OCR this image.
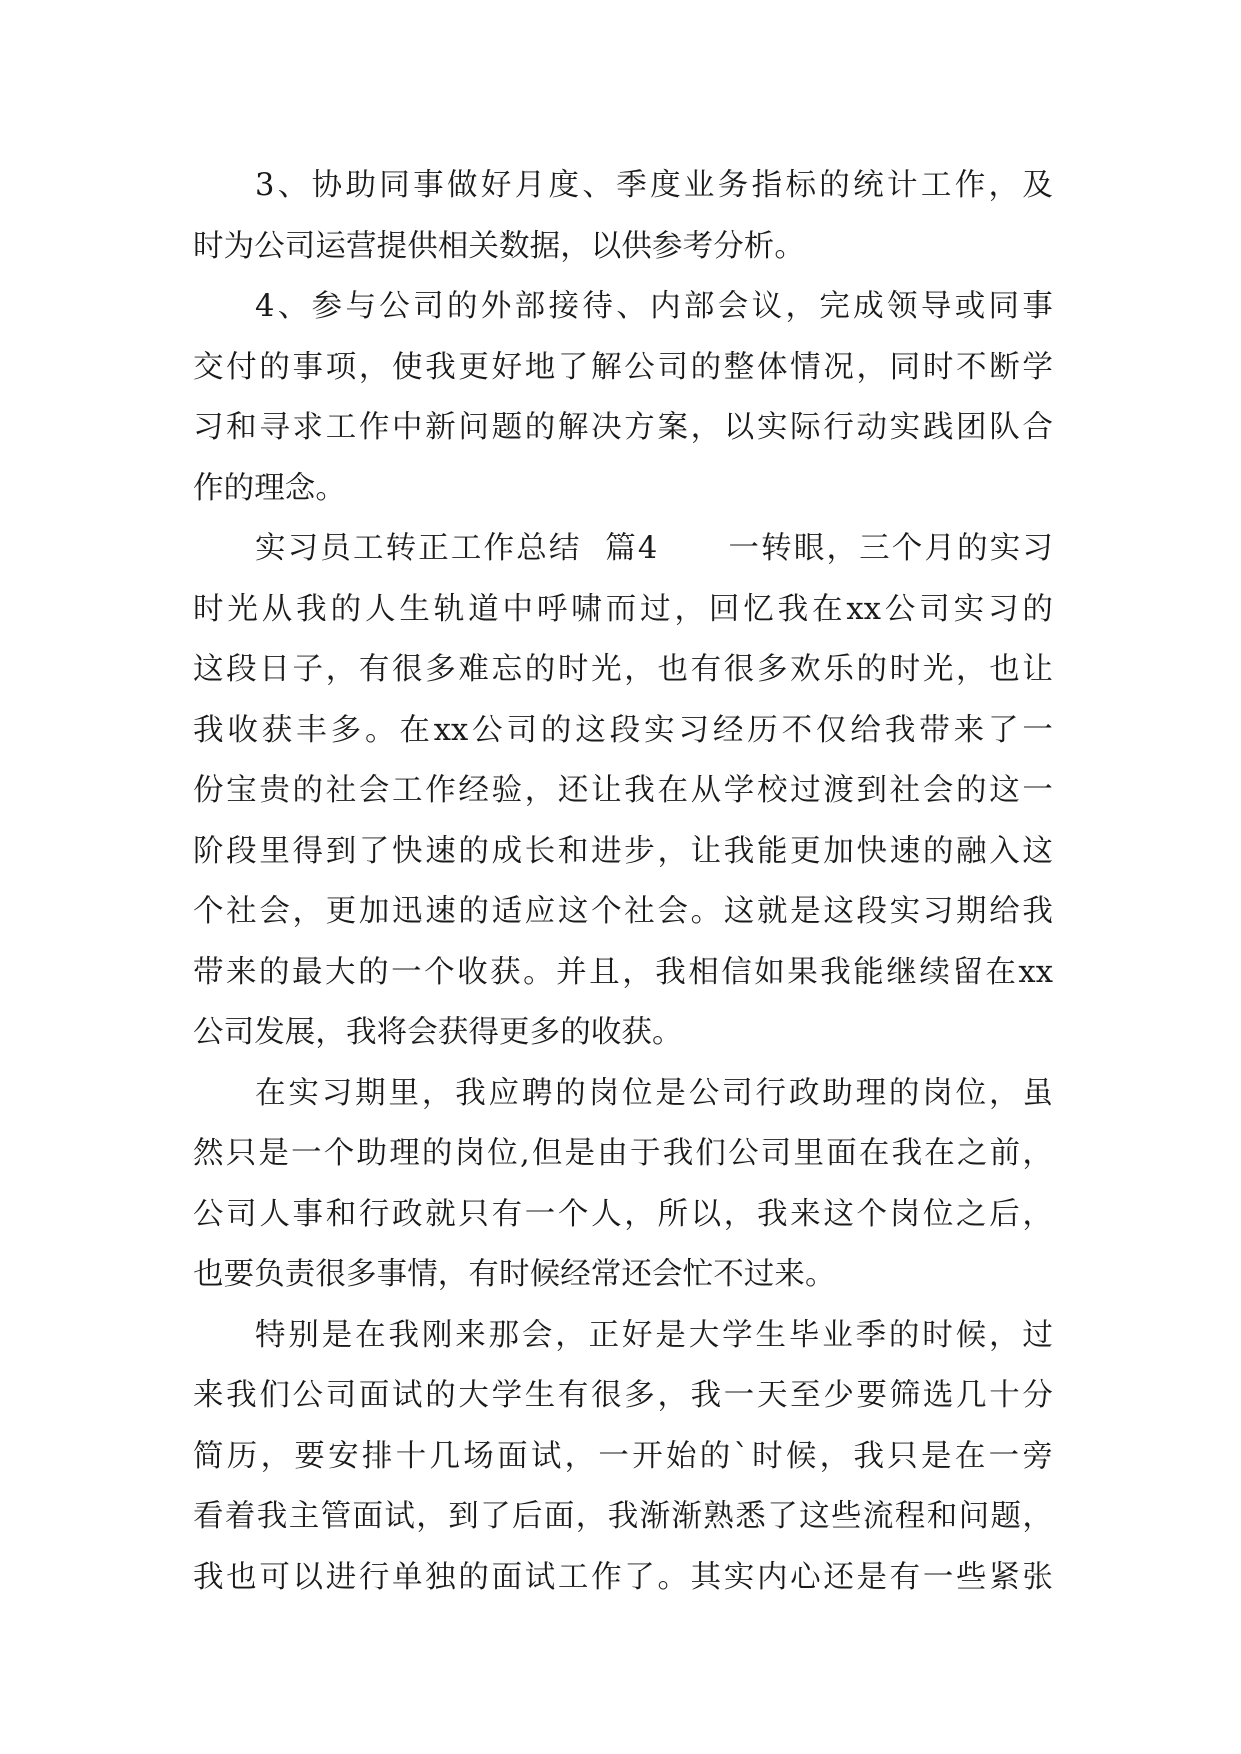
3、协助同事做好月度、季度业务指标的统计工作，及
时为公司运营提供相关数据，以供参考分析。
4、参与公司的外部接待、内部会议，完成领导或同事
交付的事项，使我更好地了解公司的整体情况，同时不断学
习和寻求工作中新问题的解决方案，以实际行动实践团队合
作的理念。
实习员工转正工作总结  篇4      一转眼，三个月的实习
时光从我的人生轨道中呼啸而过，回忆我在xx公司实习的
这段日子，有很多难忘的时光，也有很多欢乐的时光，也让
我收获丰多。在xx公司的这段实习经历不仅给我带来了一
份宝贵的社会工作经验，还让我在从学校过渡到社会的这一
阶段里得到了快速的成长和进步，让我能更加快速的融入这
个社会，更加迅速的适应这个社会。这就是这段实习期给我
带来的最大的一个收获。并且，我相信如果我能继续留在xx
公司发展，我将会获得更多的收获。
在实习期里，我应聘的岗位是公司行政助理的岗位，虽
然只是一个助理的岗位,但是由于我们公司里面在我在之前，
公司人事和行政就只有一个人，所以，我来这个岗位之后，
也要负责很多事情，有时候经常还会忙不过来。
特别是在我刚来那会，正好是大学生毕业季的时候，过
来我们公司面试的大学生有很多，我一天至少要筛选几十分
简历，要安排十几场面试，一开始的`时候，我只是在一旁
看着我主管面试，到了后面，我渐渐熟悉了这些流程和问题，
我也可以进行单独的面试工作了。其实内心还是有一些紧张
